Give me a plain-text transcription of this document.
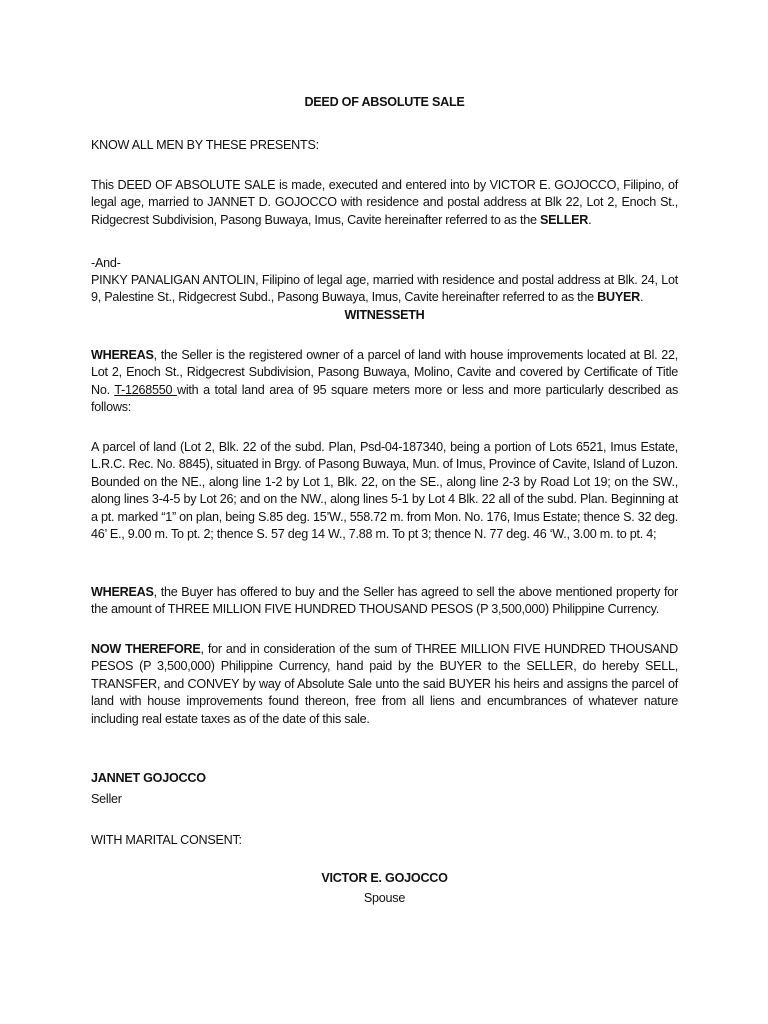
DEED OF ABSOLUTE SALE
KNOW ALL MEN BY THESE PRESENTS:
This DEED OF ABSOLUTE SALE is made, executed and entered into by VICTOR E. GOJOCCO, Filipino, of legal age, married to JANNET D. GOJOCCO with residence and postal address at Blk 22, Lot 2, Enoch St., Ridgecrest Subdivision, Pasong Buwaya, Imus, Cavite hereinafter referred to as the SELLER.
-And-
PINKY PANALIGAN ANTOLIN, Filipino of legal age, married with residence and postal address at Blk. 24, Lot 9, Palestine St., Ridgecrest Subd., Pasong Buwaya, Imus, Cavite hereinafter referred to as the BUYER.
WITNESSETH
WHEREAS, the Seller is the registered owner of a parcel of land with house improvements located at Bl. 22, Lot 2, Enoch St., Ridgecrest Subdivision, Pasong Buwaya, Molino, Cavite and covered by Certificate of Title No. T-1268550 with a total land area of 95 square meters more or less and more particularly described as follows:
A parcel of land (Lot 2, Blk. 22 of the subd. Plan, Psd-04-187340, being a portion of Lots 6521, Imus Estate, L.R.C. Rec. No. 8845), situated in Brgy. of Pasong Buwaya, Mun. of Imus, Province of Cavite, Island of Luzon. Bounded on the NE., along line 1-2 by Lot 1, Blk. 22, on the SE., along line 2-3 by Road Lot 19; on the SW., along lines 3-4-5 by Lot 26; and on the NW., along lines 5-1 by Lot 4 Blk. 22 all of the subd. Plan. Beginning at a pt. marked “1” on plan, being S.85 deg. 15’W., 558.72 m. from Mon. No. 176, Imus Estate; thence S. 32 deg. 46’ E., 9.00 m. To pt. 2; thence S. 57 deg 14 W., 7.88 m. To pt 3; thence N. 77 deg. 46 ‘W., 3.00 m. to pt. 4;
WHEREAS, the Buyer has offered to buy and the Seller has agreed to sell the above mentioned property for the amount of THREE MILLION FIVE HUNDRED THOUSAND PESOS (P 3,500,000) Philippine Currency.
NOW THEREFORE, for and in consideration of the sum of THREE MILLION FIVE HUNDRED THOUSAND PESOS (P 3,500,000) Philippine Currency, hand paid by the BUYER to the SELLER, do hereby SELL, TRANSFER, and CONVEY by way of Absolute Sale unto the said BUYER his heirs and assigns the parcel of land with house improvements found thereon, free from all liens and encumbrances of whatever nature including real estate taxes as of the date of this sale.
JANNET GOJOCCO
Seller
WITH MARITAL CONSENT:
VICTOR E. GOJOCCO
Spouse
